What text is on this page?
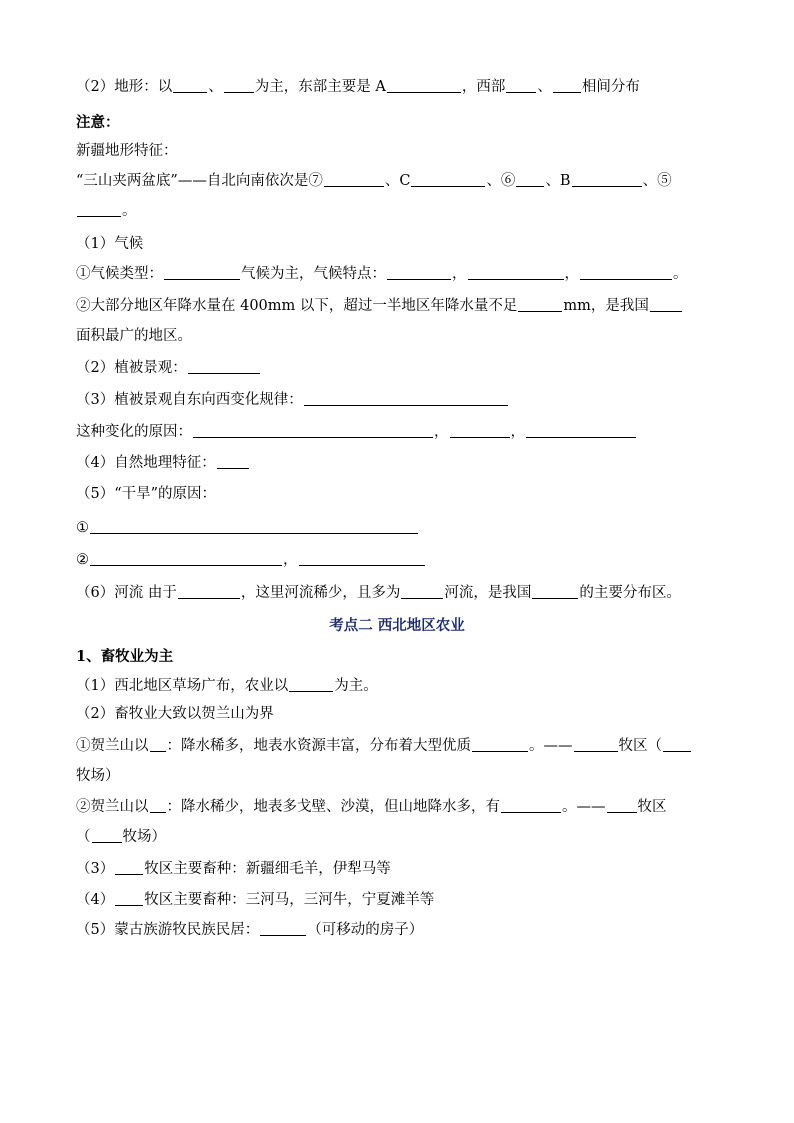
（2）地形：以 、 为主，东部主要是 A	，西部 、 相间分布
注意：
新疆地形特征：
“三山夹两盆底”——自北向南依次是⑦	、C	、⑥ 、B	、⑤
。
（1）气候
①气候类型：	气候为主，气候特点：	，	，	。
②大部分地区年降水量在 400mm 以下，超过一半地区年降水量不足	mm，是我国
面积最广的地区。
（2）植被景观：
（3）植被景观自东向西变化规律：
这种变化的原因：	，	，
（4）自然地理特征：
（5）“干旱”的原因：
①
②	，
（6）河流 由于	，这里河流稀少，且多为	河流，是我国	的主要分布区。
考点二 西北地区农业
1、畜牧业为主
（1）西北地区草场广布，农业以	为主。
（2）畜牧业大致以贺兰山为界
①贺兰山以 ：降水稀多，地表水资源丰富，分布着大型优质	。——	牧区（
牧场）
②贺兰山以 ：降水稀少，地表多戈壁、沙漠，但山地降水多，有	。—— 牧区
（ 牧场）
（3） 牧区主要畜种：新疆细毛羊，伊犁马等
（4） 牧区主要畜种：三河马，三河牛，宁夏滩羊等
（5）蒙古族游牧民族民居：	（可移动的房子）
